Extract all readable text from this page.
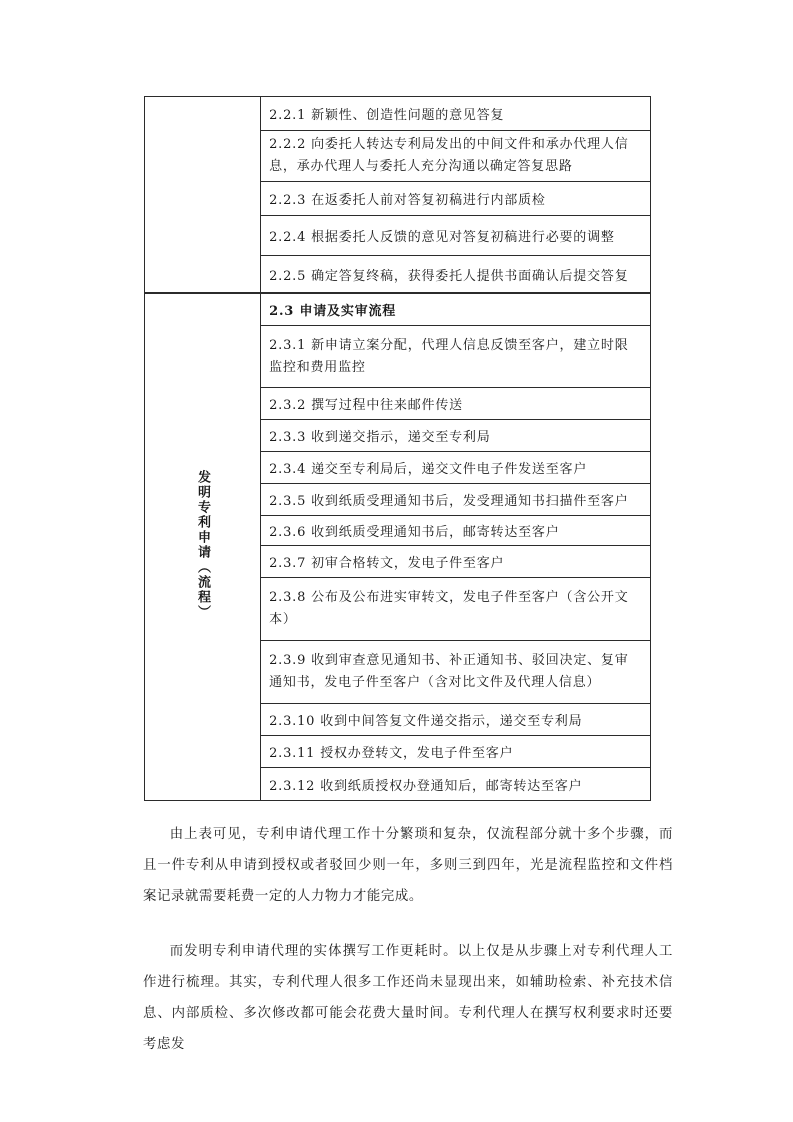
	2.2.1 新颖性、创造性问题的意见答复
2.2.2 向委托人转达专利局发出的中间文件和承办代理人信息，承办代理人与委托人充分沟通以确定答复思路
2.2.3 在返委托人前对答复初稿进行内部质检
2.2.4 根据委托人反馈的意见对答复初稿进行必要的调整
2.2.5 确定答复终稿，获得委托人提供书面确认后提交答复
发明专利申请（流程）	2.3 申请及实审流程
2.3.1 新申请立案分配，代理人信息反馈至客户，建立时限监控和费用监控
2.3.2 撰写过程中往来邮件传送
2.3.3 收到递交指示，递交至专利局
2.3.4 递交至专利局后，递交文件电子件发送至客户
2.3.5 收到纸质受理通知书后，发受理通知书扫描件至客户
2.3.6 收到纸质受理通知书后，邮寄转达至客户
2.3.7 初审合格转文，发电子件至客户
2.3.8 公布及公布进实审转文，发电子件至客户（含公开文本）
2.3.9 收到审查意见通知书、补正通知书、驳回决定、复审通知书，发电子件至客户（含对比文件及代理人信息）
2.3.10 收到中间答复文件递交指示，递交至专利局
2.3.11 授权办登转文，发电子件至客户
2.3.12 收到纸质授权办登通知后，邮寄转达至客户

由上表可见，专利申请代理工作十分繁琐和复杂，仅流程部分就十多个步骤，而且一件专利从申请到授权或者驳回少则一年，多则三到四年，光是流程监控和文件档案记录就需要耗费一定的人力物力才能完成。

而发明专利申请代理的实体撰写工作更耗时。以上仅是从步骤上对专利代理人工作进行梳理。其实，专利代理人很多工作还尚未显现出来，如辅助检索、补充技术信息、内部质检、多次修改都可能会花费大量时间。专利代理人在撰写权利要求时还要考虑发
